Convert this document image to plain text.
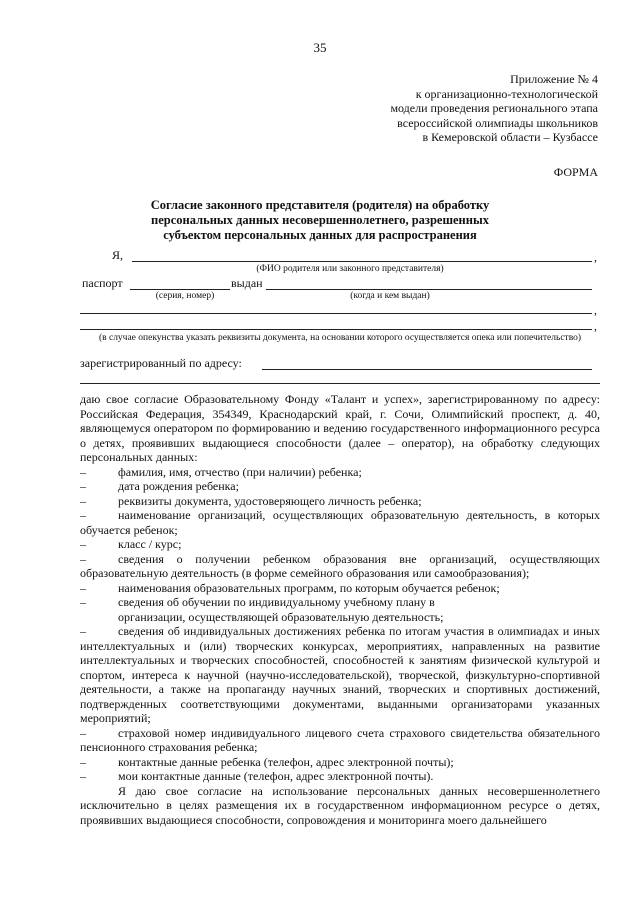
35
Приложение № 4
к организационно-технологической
модели проведения регионального этапа
всероссийской олимпиады школьников
в Кемеровской области – Кузбассе
ФОРМА
Согласие законного представителя (родителя) на обработку
персональных данных несовершеннолетнего, разрешенных
субъектом персональных данных для распространения
Я,	,
(ФИО родителя или законного представителя)
паспорт	выдан
(серия, номер)	(когда и кем выдан)
,
,
(в случае опекунства указать реквизиты документа, на основании которого осуществляется опека или попечительство)
зарегистрированный по адресу:

даю свое согласие Образовательному Фонду «Талант и успех», зарегистрированному по адресу: Российская Федерация, 354349, Краснодарский край, г. Сочи, Олимпийский проспект, д. 40, являющемуся оператором по формированию и ведению государственного информационного ресурса о детях, проявивших выдающиеся способности (далее – оператор), на обработку следующих персональных данных:

–	фамилия, имя, отчество (при наличии) ребенка;

–	дата рождения ребенка;

–	реквизиты документа, удостоверяющего личность ребенка;

–	наименование организаций, осуществляющих образовательную деятельность, в которых обучается ребенок;

–	класс / курс;

–	сведения о получении ребенком образования вне организаций, осуществляющих образовательную деятельность (в форме семейного образования или самообразования);

–	наименования образовательных программ, по которым обучается ребенок;

–	сведения об обучении по индивидуальному учебному плану в

организации, осуществляющей образовательную деятельность;

–	сведения об индивидуальных достижениях ребенка по итогам участия в олимпиадах и иных интеллектуальных и (или) творческих конкурсах, мероприятиях, направленных на развитие интеллектуальных и творческих способностей, способностей к занятиям физической культурой и спортом, интереса к научной (научно-исследовательской), творческой, физкультурно-спортивной деятельности, а также на пропаганду научных знаний, творческих и спортивных достижений, подтвержденных соответствующими документами, выданными организаторами указанных мероприятий;

–	страховой номер индивидуального лицевого счета страхового свидетельства обязательного пенсионного страхования ребенка;

–	контактные данные ребенка (телефон, адрес электронной почты);

–	мои контактные данные (телефон, адрес электронной почты).

Я даю свое согласие на использование персональных данных несовершеннолетнего исключительно в целях размещения их в государственном информационном ресурсе о детях, проявивших выдающиеся способности, сопровождения и мониторинга моего дальнейшего
